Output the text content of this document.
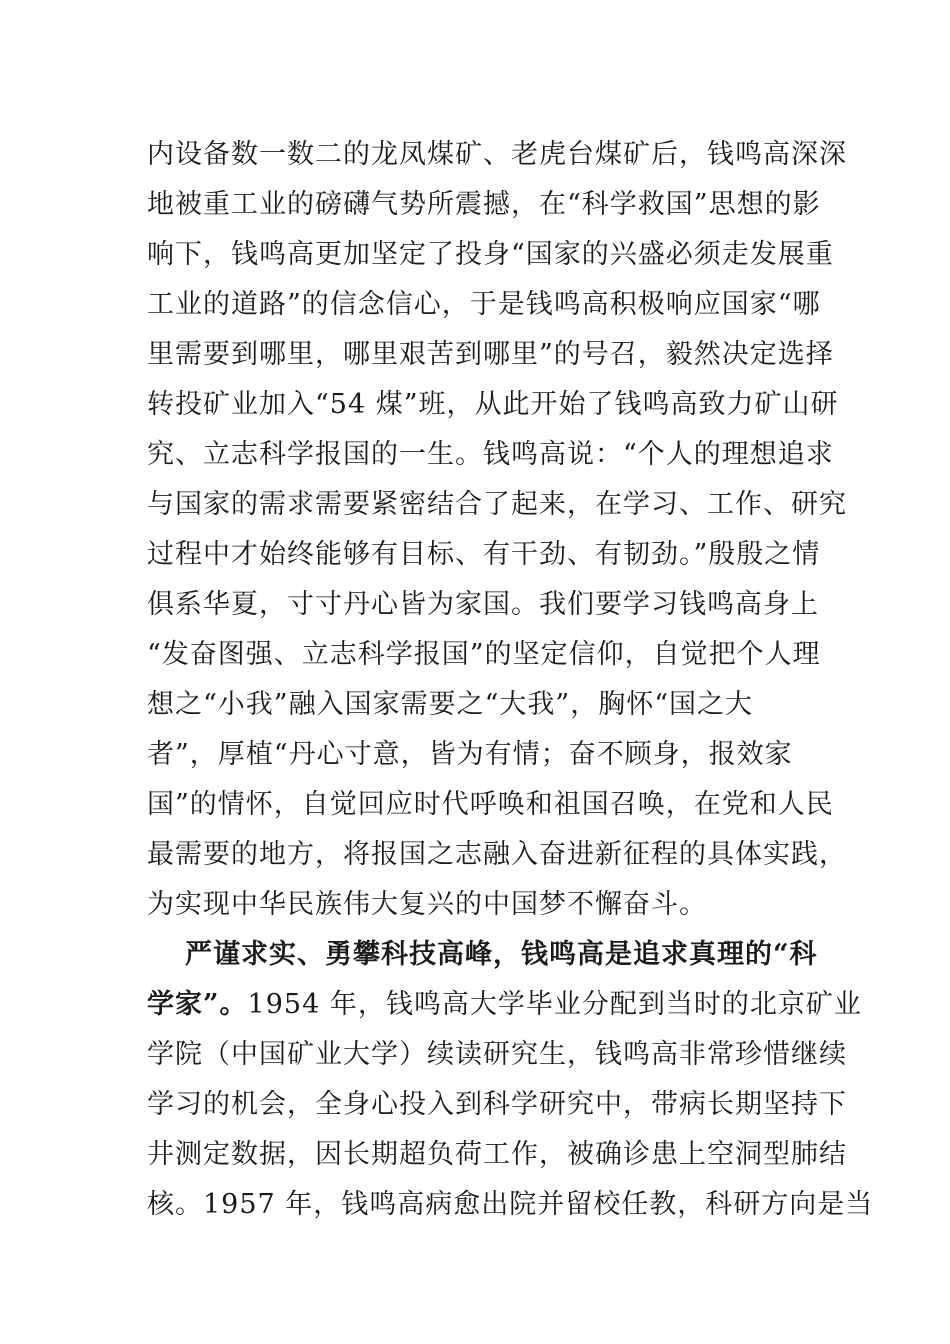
内设备数一数二的龙凤煤矿、老虎台煤矿后，钱鸣高深深
地被重工业的磅礴气势所震撼，在“科学救国”思想的影
响下，钱鸣高更加坚定了投身“国家的兴盛必须走发展重
工业的道路”的信念信心，于是钱鸣高积极响应国家“哪
里需要到哪里，哪里艰苦到哪里”的号召，毅然决定选择
转投矿业加入“54 煤”班，从此开始了钱鸣高致力矿山研
究、立志科学报国的一生。钱鸣高说：“个人的理想追求
与国家的需求需要紧密结合了起来，在学习、工作、研究
过程中才始终能够有目标、有干劲、有韧劲。”殷殷之情
俱系华夏，寸寸丹心皆为家国。我们要学习钱鸣高身上
“发奋图强、立志科学报国”的坚定信仰，自觉把个人理
想之“小我”融入国家需要之“大我”，胸怀“国之大
者”，厚植“丹心寸意，皆为有情；奋不顾身，报效家
国”的情怀，自觉回应时代呼唤和祖国召唤，在党和人民
最需要的地方，将报国之志融入奋进新征程的具体实践，
为实现中华民族伟大复兴的中国梦不懈奋斗。
严谨求实、勇攀科技高峰，钱鸣高是追求真理的“科
学家”。1954 年，钱鸣高大学毕业分配到当时的北京矿业
学院（中国矿业大学）续读研究生，钱鸣高非常珍惜继续
学习的机会，全身心投入到科学研究中，带病长期坚持下
井测定数据，因长期超负荷工作，被确诊患上空洞型肺结
核。1957 年，钱鸣高病愈出院并留校任教，科研方向是当
